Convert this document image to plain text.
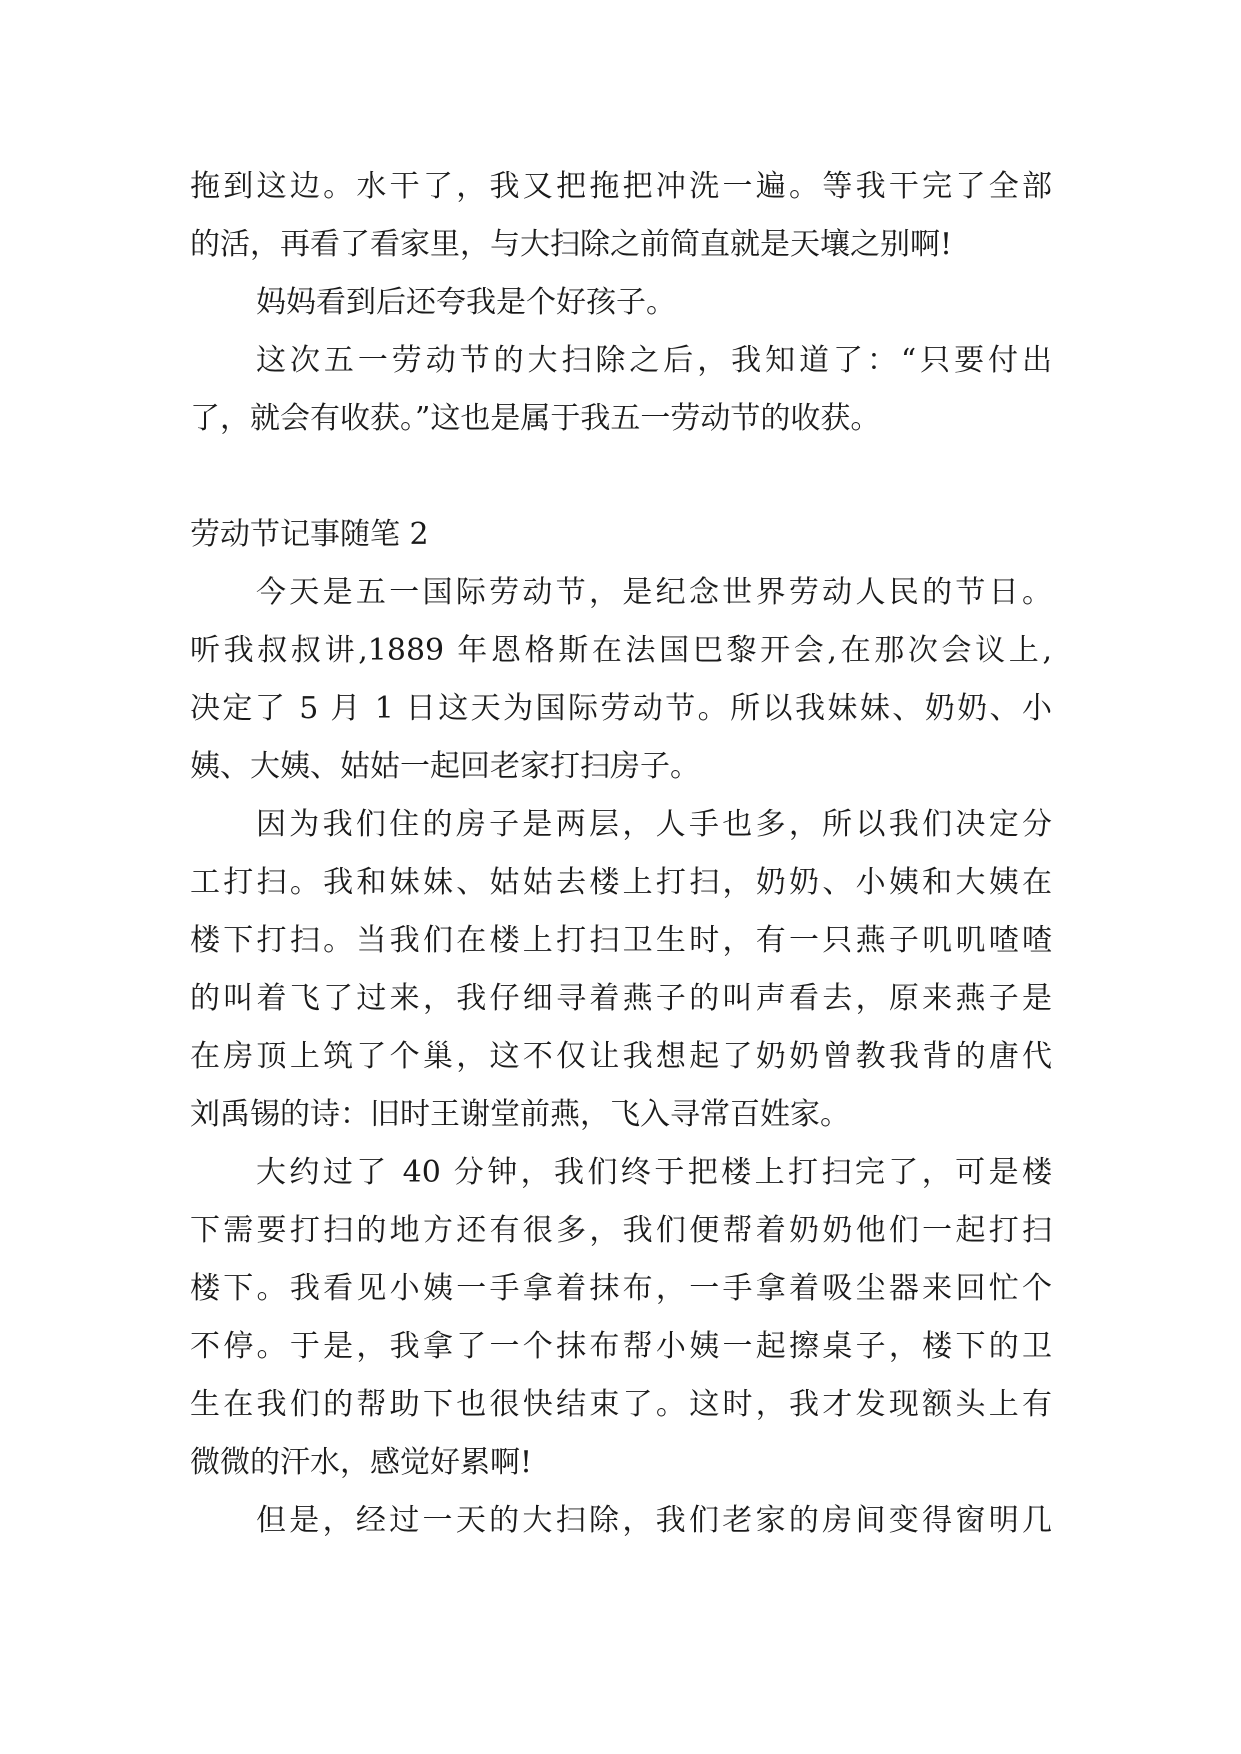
拖到这边。水干了，我又把拖把冲洗一遍。等我干完了全部
的活，再看了看家里，与大扫除之前简直就是天壤之别啊!
妈妈看到后还夸我是个好孩子。
这次五一劳动节的大扫除之后，我知道了：“只要付出
了，就会有收获。”这也是属于我五一劳动节的收获。
劳动节记事随笔 2
今天是五一国际劳动节，是纪念世界劳动人民的节日。
听我叔叔讲,1889 年恩格斯在法国巴黎开会,在那次会议上,
决定了 5 月 1 日这天为国际劳动节。所以我妹妹、奶奶、小
姨、大姨、姑姑一起回老家打扫房子。
因为我们住的房子是两层，人手也多，所以我们决定分
工打扫。我和妹妹、姑姑去楼上打扫，奶奶、小姨和大姨在
楼下打扫。当我们在楼上打扫卫生时，有一只燕子叽叽喳喳
的叫着飞了过来，我仔细寻着燕子的叫声看去，原来燕子是
在房顶上筑了个巢，这不仅让我想起了奶奶曾教我背的唐代
刘禹锡的诗：旧时王谢堂前燕，飞入寻常百姓家。
大约过了 40 分钟，我们终于把楼上打扫完了，可是楼
下需要打扫的地方还有很多，我们便帮着奶奶他们一起打扫
楼下。我看见小姨一手拿着抹布，一手拿着吸尘器来回忙个
不停。于是，我拿了一个抹布帮小姨一起擦桌子，楼下的卫
生在我们的帮助下也很快结束了。这时，我才发现额头上有
微微的汗水，感觉好累啊!
但是，经过一天的大扫除，我们老家的房间变得窗明几
